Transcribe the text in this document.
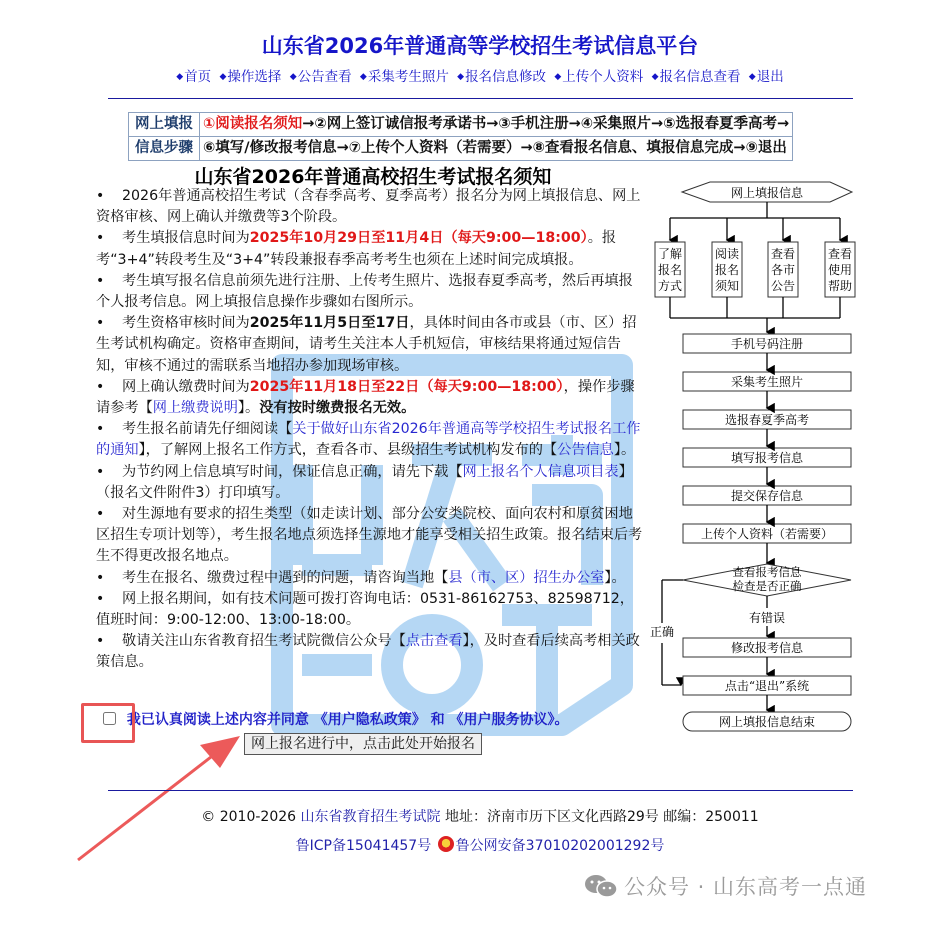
山东省2026年普通高等学校招生考试信息平台
◆首页 ◆操作选择 ◆公告查看 ◆采集考生照片 ◆报名信息修改 ◆上传个人资料 ◆报名信息查看 ◆退出
网上填报	①阅读报名须知→②网上签订诚信报考承诺书→③手机注册→④采集照片→⑤选报春夏季高考→
信息步骤	⑥填写/修改报考信息→⑦上传个人资料（若需要）→⑧查看报名信息、填报信息完成→⑨退出
山东省2026年普通高校招生考试报名须知

• 2026年普通高校招生考试（含春季高考、夏季高考）报名分为网上填报信息、网上资格审核、网上确认并缴费等3个阶段。

• 考生填报信息时间为2025年10月29日至11月4日（每天9:00—18:00）。报考“3+4”转段考生及“3+4”转段兼报春季高考考生也须在上述时间完成填报。

• 考生填写报名信息前须先进行注册、上传考生照片、选报春夏季高考，然后再填报个人报考信息。网上填报信息操作步骤如右图所示。

• 考生资格审核时间为2025年11月5日至17日，具体时间由各市或县（市、区）招生考试机构确定。资格审查期间，请考生关注本人手机短信，审核结果将通过短信告知，审核不通过的需联系当地招办参加现场审核。

• 网上确认缴费时间为2025年11月18日至22日（每天9:00—18:00），操作步骤请参考【网上缴费说明】。没有按时缴费报名无效。

• 考生报名前请先仔细阅读【关于做好山东省2026年普通高等学校招生考试报名工作的通知】，了解网上报名工作方式，查看各市、县级招生考试机构发布的【公告信息】。

• 为节约网上信息填写时间，保证信息正确，请先下载【网上报名个人信息项目表】（报名文件附件3）打印填写。

• 对生源地有要求的招生类型（如走读计划、部分公安类院校、面向农村和原贫困地区招生专项计划等），考生报名地点须选择生源地才能享受相关招生政策。报名结束后考生不得更改报名地点。

• 考生在报名、缴费过程中遇到的问题，请咨询当地【县（市、区）招生办公室】。

• 网上报名期间，如有技术问题可拨打咨询电话：0531-86162753、82598712，值班时间：9:00-12:00、13:00-18:00。

• 敬请关注山东省教育招生考试院微信公众号【点击查看】，及时查看后续高考相关政策信息。

我已认真阅读上述内容并同意 《用户隐私政策》 和 《用户服务协议》。
网上报名进行中，点击此处开始报名
网上填报信息
了解
报名
方式
阅读
报名
须知
查看
各市
公告
查看
使用
帮助
手机号码注册
采集考生照片
选报春夏季高考
填写报考信息
提交保存信息
上传个人资料（若需要）
查看报考信息
检查是否正确
有错误
正确
修改报考信息
点击“退出”系统
网上填报信息结束
© 2010-2026 山东省教育招生考试院 地址：济南市历下区文化西路29号 邮编：250011
鲁ICP备15041457号 鲁公网安备37010202001292号
公众号 · 山东高考一点通
